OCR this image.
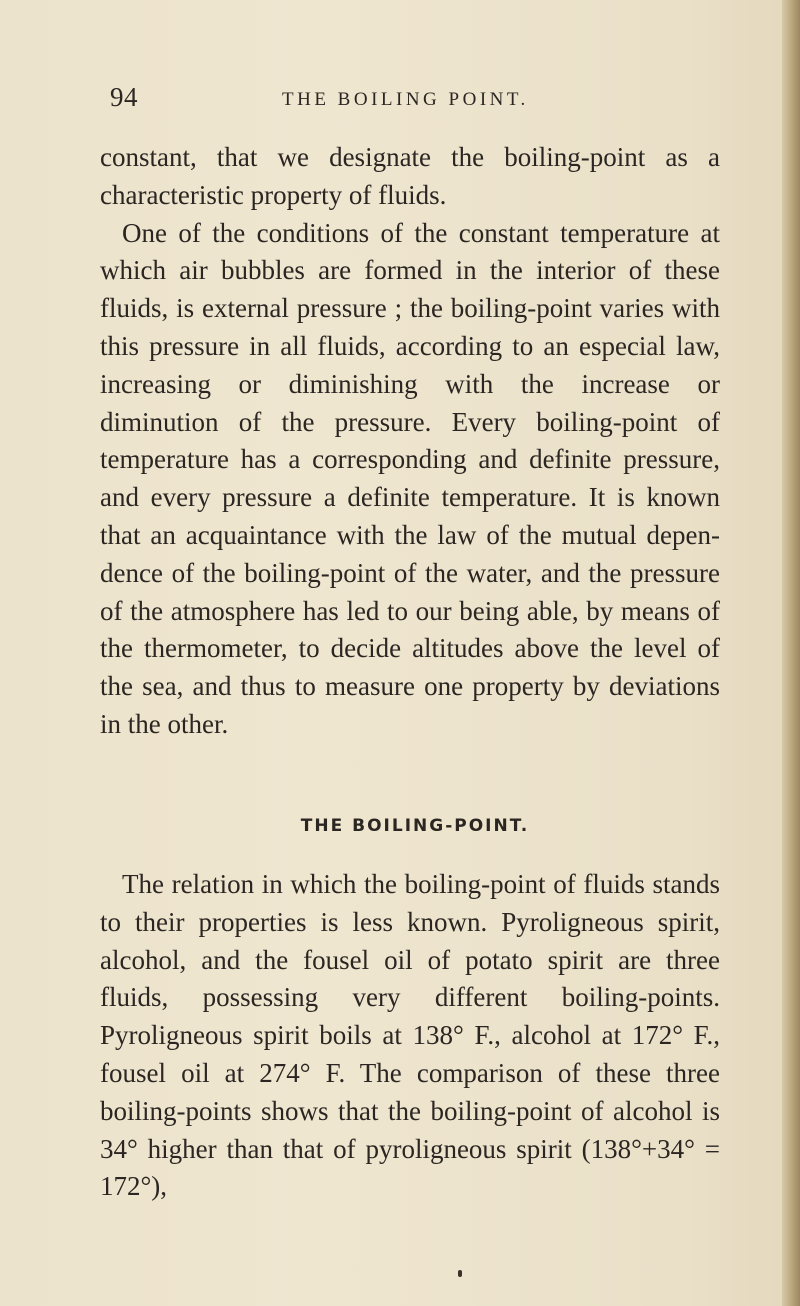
94	THE BOILING POINT.

constant, that we designate the boiling-point as a characteristic property of fluids.

One of the conditions of the constant temperature at which air bubbles are formed in the interior of these fluids, is external pressure ; the boiling-point varies with this pressure in all fluids, according to an especial law, increasing or diminishing with the increase or diminution of the pressure. Every boiling-point of temperature has a corresponding and definite pressure, and every pressure a definite temperature. It is known that an acquaintance with the law of the mutual dependence of the boiling-point of the water, and the pressure of the atmosphere has led to our being able, by means of the thermometer, to decide altitudes above the level of the sea, and thus to measure one property by deviations in the other.

THE BOILING-POINT.

The relation in which the boiling-point of fluids stands to their properties is less known. Pyroligneous spirit, alcohol, and the fousel oil of potato spirit are three fluids, possessing very different boiling-points. Pyroligneous spirit boils at 138° F., alcohol at 172° F., fousel oil at 274° F. The comparison of these three boiling-points shows that the boiling-point of alcohol is 34° higher than that of pyroligneous spirit (138°+34° = 172°),
